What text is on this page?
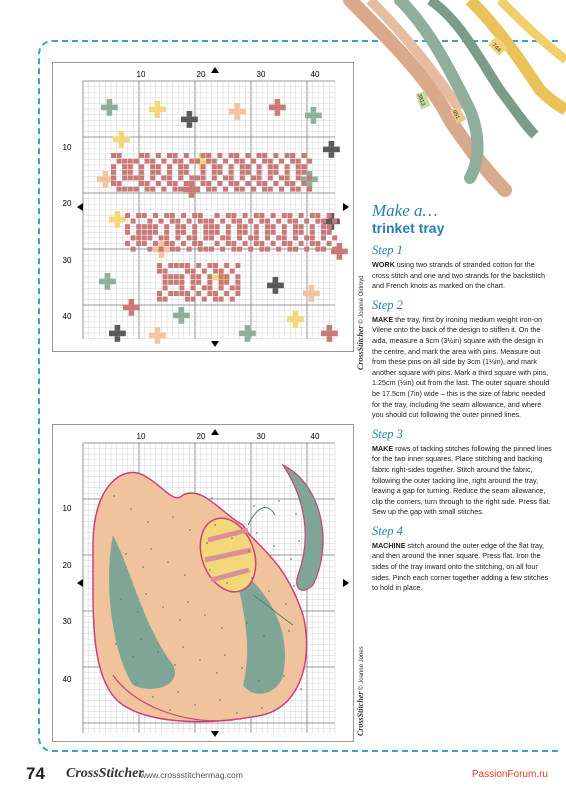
744
3813
951
10	20	30	40
10
20
30
40
CrossStitcher © Joanne Oldroyd
10	20	30	40
10
20
30
40
CrossStitcher © Joanne Jones
Make a…
trinket tray
Step 1

WORK using two strands of stranded cotton for the cross stitch and one and two strands for the backstitch and French knots as marked on the chart.

Step 2

MAKE the tray, first by ironing medium weight iron-on Vilene onto the back of the design to stiffen it. On the aida, measure a 9cm (3½in) square with the design in the centre, and mark the area with pins. Measure out from these pins on all side by 3cm (1¼in), and mark another square with pins. Mark a third square with pins, 1.25cm (½in) out from the last. The outer square should be 17.5cm (7in) wide – this is the size of fabric needed for the tray, including the seam allowance, and where you should cut following the outer pinned lines.

Step 3

MAKE rows of tacking stitches following the pinned lines for the two inner squares. Place stitching and backing fabric right-sides together. Stitch around the fabric, following the outer tacking line, right around the tray, leaving a gap for turning. Reduce the seam allowance, clip the corners, turn through to the right side. Press flat. Sew up the gap with small stitches.

Step 4

MACHINE stitch around the outer edge of the flat tray, and then around the inner square. Press flat. Iron the sides of the tray inward onto the stitching, on all four sides. Pinch each corner together adding a few stitches to hold in place.

74 CrossStitcher
www.crossstitchermag.com	PassionForum.ru
